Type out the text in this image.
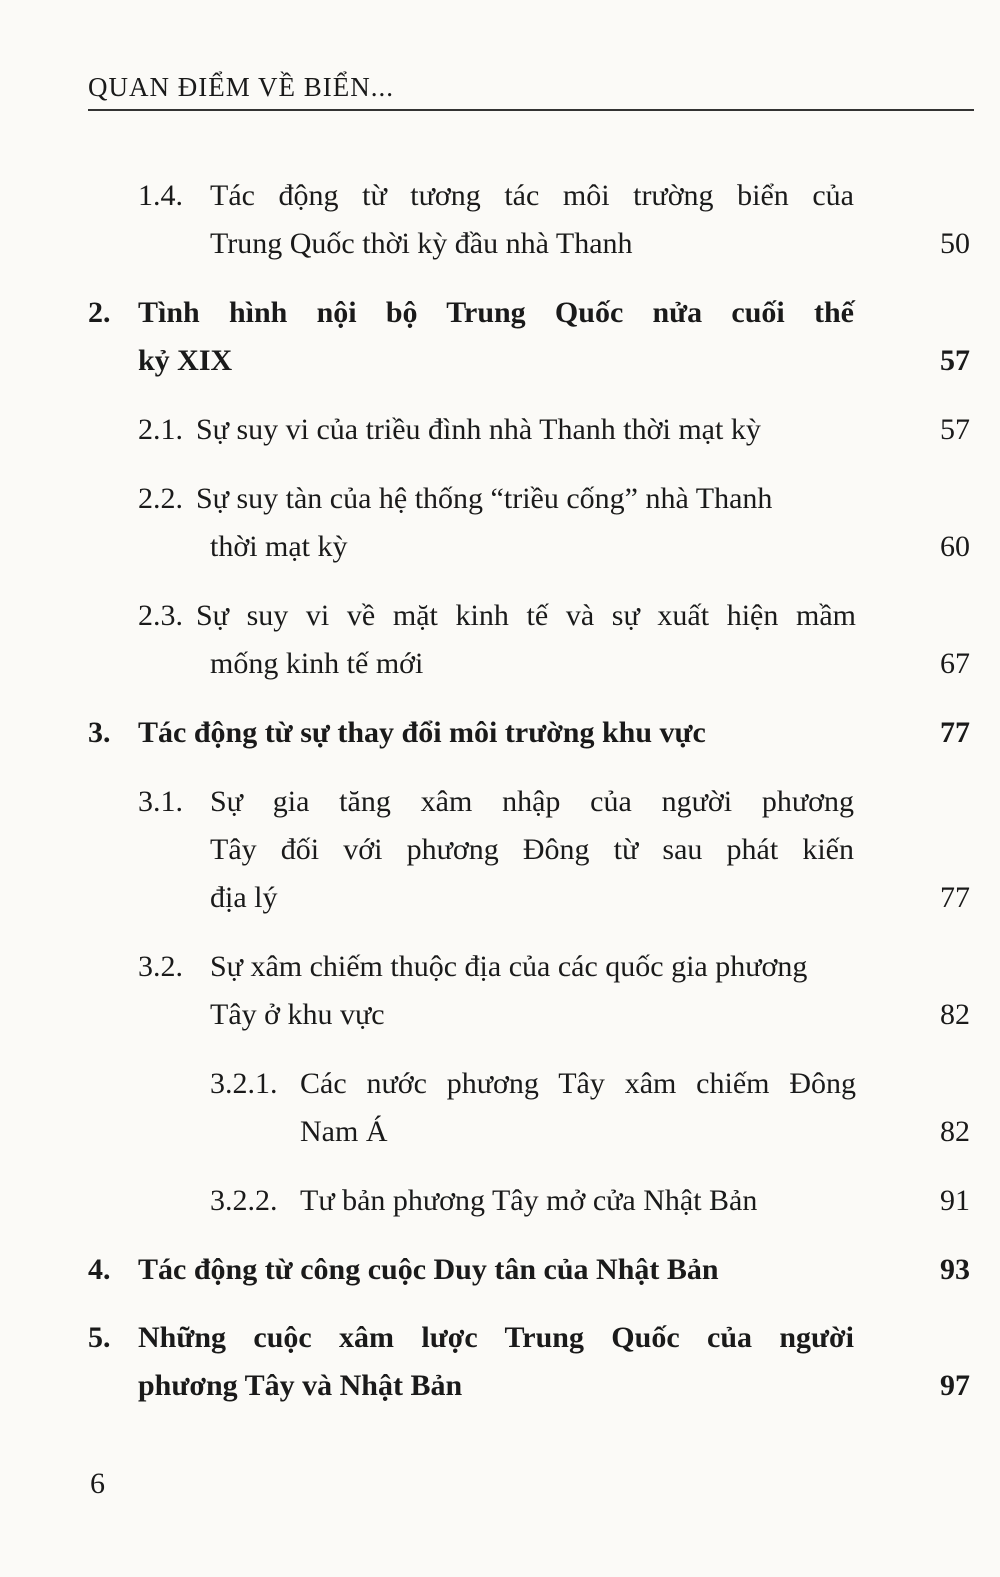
QUAN ĐIỂM VỀ BIỂN...
1.4. Tác động từ tương tác môi trường biển của
Trung Quốc thời kỳ đầu nhà Thanh	50
2. Tình hình nội bộ Trung Quốc nửa cuối thế
kỷ XIX	57
2.1. Sự suy vi của triều đình nhà Thanh thời mạt kỳ	57
2.2. Sự suy tàn của hệ thống “triều cống” nhà Thanh
thời mạt kỳ	60
2.3. Sự suy vi về mặt kinh tế và sự xuất hiện mầm
mống kinh tế mới	67
3. Tác động từ sự thay đổi môi trường khu vực	77
3.1. Sự gia tăng xâm nhập của người phương
Tây đối với phương Đông từ sau phát kiến
địa lý	77
3.2. Sự xâm chiếm thuộc địa của các quốc gia phương
Tây ở khu vực	82
3.2.1. Các nước phương Tây xâm chiếm Đông
Nam Á	82
3.2.2. Tư bản phương Tây mở cửa Nhật Bản	91
4. Tác động từ công cuộc Duy tân của Nhật Bản	93
5. Những cuộc xâm lược Trung Quốc của người
phương Tây và Nhật Bản	97
6
